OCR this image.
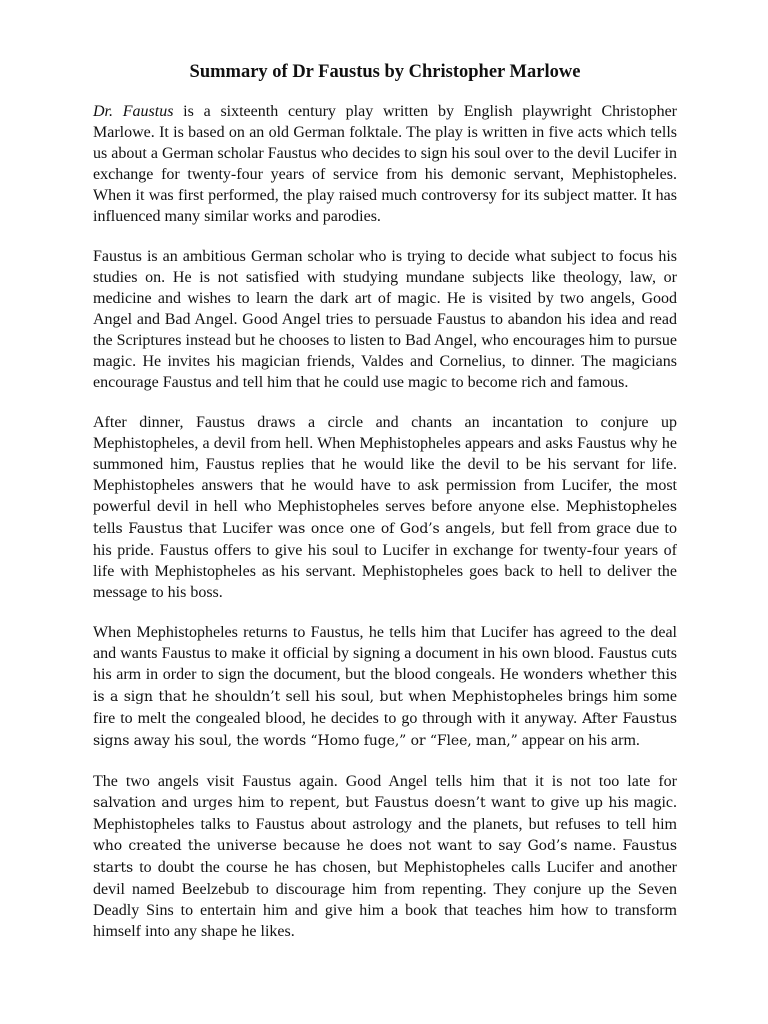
Summary of Dr Faustus by Christopher Marlowe

Dr. Faustus is a sixteenth century play written by English playwright Christopher Marlowe. It is based on an old German folktale. The play is written in five acts which tells us about a German scholar Faustus who decides to sign his soul over to the devil Lucifer in exchange for twenty-four years of service from his demonic servant, Mephistopheles. When it was first performed, the play raised much controversy for its subject matter. It has influenced many similar works and parodies.

Faustus is an ambitious German scholar who is trying to decide what subject to focus his studies on. He is not satisfied with studying mundane subjects like theology, law, or medicine and wishes to learn the dark art of magic. He is visited by two angels, Good Angel and Bad Angel. Good Angel tries to persuade Faustus to abandon his idea and read the Scriptures instead but he chooses to listen to Bad Angel, who encourages him to pursue magic. He invites his magician friends, Valdes and Cornelius, to dinner. The magicians encourage Faustus and tell him that he could use magic to become rich and famous.

After dinner, Faustus draws a circle and chants an incantation to conjure up Mephistopheles, a devil from hell. When Mephistopheles appears and asks Faustus why he summoned him, Faustus replies that he would like the devil to be his servant for life. Mephistopheles answers that he would have to ask permission from Lucifer, the most powerful devil in hell who Mephistopheles serves before anyone else. Mephistopheles tells Faustus that Lucifer was once one of God’s angels, but fell from grace due to his pride. Faustus offers to give his soul to Lucifer in exchange for twenty-four years of life with Mephistopheles as his servant. Mephistopheles goes back to hell to deliver the message to his boss.

When Mephistopheles returns to Faustus, he tells him that Lucifer has agreed to the deal and wants Faustus to make it official by signing a document in his own blood. Faustus cuts his arm in order to sign the document, but the blood congeals. He wonders whether this is a sign that he shouldn’t sell his soul, but when Mephistopheles brings him some fire to melt the congealed blood, he decides to go through with it anyway. After Faustus signs away his soul, the words “Homo fuge,” or “Flee, man,” appear on his arm.

The two angels visit Faustus again. Good Angel tells him that it is not too late for salvation and urges him to repent, but Faustus doesn’t want to give up his magic. Mephistopheles talks to Faustus about astrology and the planets, but refuses to tell him who created the universe because he does not want to say God’s name. Faustus starts to doubt the course he has chosen, but Mephistopheles calls Lucifer and another devil named Beelzebub to discourage him from repenting. They conjure up the Seven Deadly Sins to entertain him and give him a book that teaches him how to transform himself into any shape he likes.
